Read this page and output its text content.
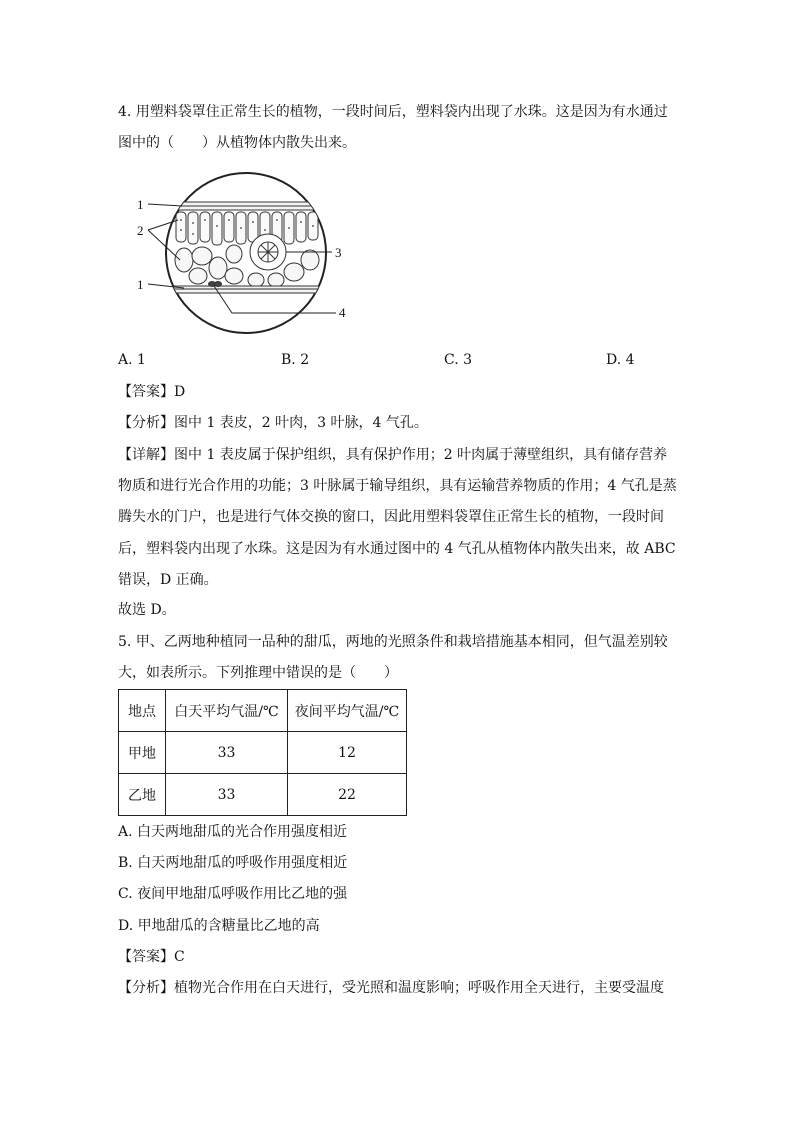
4. 用塑料袋罩住正常生长的植物，一段时间后，塑料袋内出现了水珠。这是因为有水通过
图中的（　　）从植物体内散失出来。
1
2
3
1
4
A. 1	B. 2	C. 3	D. 4
【答案】D
【分析】图中 1 表皮，2 叶肉，3 叶脉，4 气孔。
【详解】图中 1 表皮属于保护组织，具有保护作用；2 叶肉属于薄壁组织，具有储存营养物质和进行光合作用的功能；3 叶脉属于输导组织，具有运输营养物质的作用；4 气孔是蒸腾失水的门户，也是进行气体交换的窗口，因此用塑料袋罩住正常生长的植物，一段时间后，塑料袋内出现了水珠。这是因为有水通过图中的 4 气孔从植物体内散失出来，故 ABC 错误，D 正确。
故选 D。
5. 甲、乙两地种植同一品种的甜瓜，两地的光照条件和栽培措施基本相同，但气温差别较大，如表所示。下列推理中错误的是（　　）
地点	白天平均气温/℃	夜间平均气温/℃
甲地	33	12
乙地	33	22
A. 白天两地甜瓜的光合作用强度相近
B. 白天两地甜瓜的呼吸作用强度相近
C. 夜间甲地甜瓜呼吸作用比乙地的强
D. 甲地甜瓜的含糖量比乙地的高
【答案】C
【分析】植物光合作用在白天进行，受光照和温度影响；呼吸作用全天进行，主要受温度
